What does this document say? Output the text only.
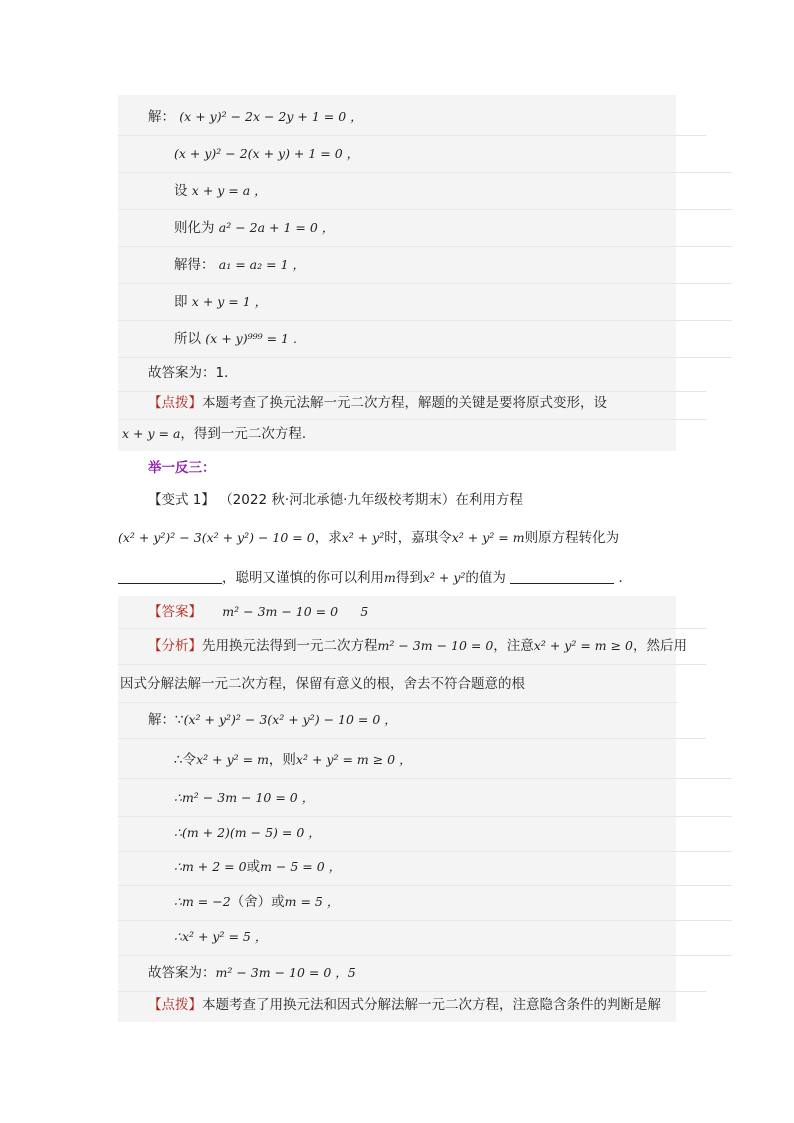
解： (x + y)² − 2x − 2y + 1 = 0 ，
(x + y)² − 2(x + y) + 1 = 0 ，
设 x + y = a ，
则化为 a² − 2a + 1 = 0 ，
解得： a₁ = a₂ = 1 ，
即 x + y = 1 ，
所以 (x + y)⁹⁹⁹ = 1 .
故答案为：1．
【点拨】本题考查了换元法解一元二次方程，解题的关键是要将原式变形，设
x + y = a，得到一元二次方程．
举一反三：
【变式 1】 （2022 秋·河北承德·九年级校考期末）在利用方程
(x² + y²)² − 3(x² + y²) − 10 = 0，求x² + y²时，嘉琪令x² + y² = m则原方程转化为
，聪明又谨慎的你可以利用m得到x² + y²的值为	．
【答案】 m² − 3m − 10 = 0 5
【分析】先用换元法得到一元二次方程m² − 3m − 10 = 0，注意x² + y² = m ≥ 0，然后用
因式分解法解一元二次方程，保留有意义的根，舍去不符合题意的根
解：∵(x² + y²)² − 3(x² + y²) − 10 = 0 ，
∴令x² + y² = m，则x² + y² = m ≥ 0 ，
∴m² − 3m − 10 = 0 ，
∴(m + 2)(m − 5) = 0 ，
∴m + 2 = 0或m − 5 = 0 ，
∴m = −2（舍）或m = 5 ，
∴x² + y² = 5 ，
故答案为：m² − 3m − 10 = 0 ，5
【点拨】本题考查了用换元法和因式分解法解一元二次方程，注意隐含条件的判断是解
